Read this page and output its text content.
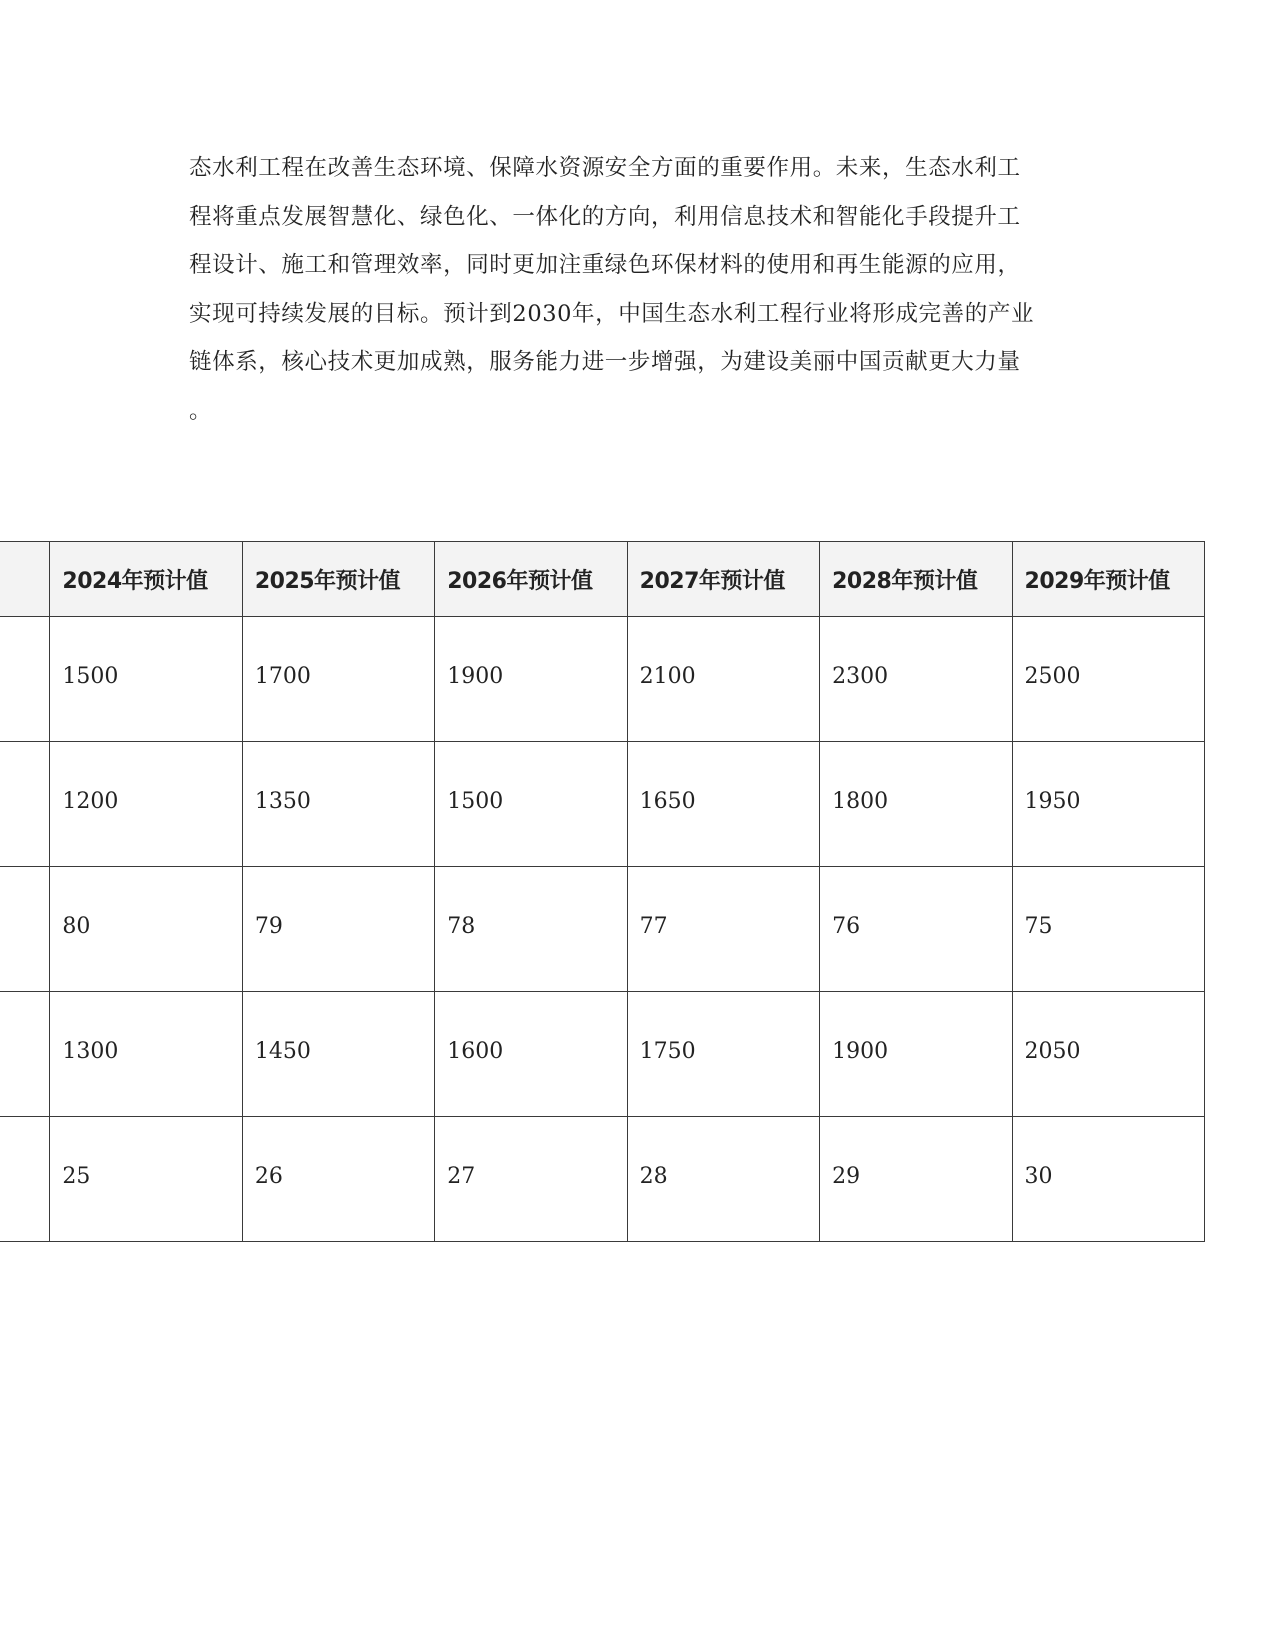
态水利工程在改善生态环境、保障水资源安全方面的重要作用。未来，生态水利工
程将重点发展智慧化、绿色化、一体化的方向，利用信息技术和智能化手段提升工
程设计、施工和管理效率，同时更加注重绿色环保材料的使用和再生能源的应用，
实现可持续发展的目标。预计到2030年，中国生态水利工程行业将形成完善的产业
链体系，核心技术更加成熟，服务能力进一步增强，为建设美丽中国贡献更大力量
。
	2024年预计值	2025年预计值	2026年预计值	2027年预计值	2028年预计值	2029年预计值
	1500	1700	1900	2100	2300	2500
	1200	1350	1500	1650	1800	1950
	80	79	78	77	76	75
	1300	1450	1600	1750	1900	2050
	25	26	27	28	29	30
